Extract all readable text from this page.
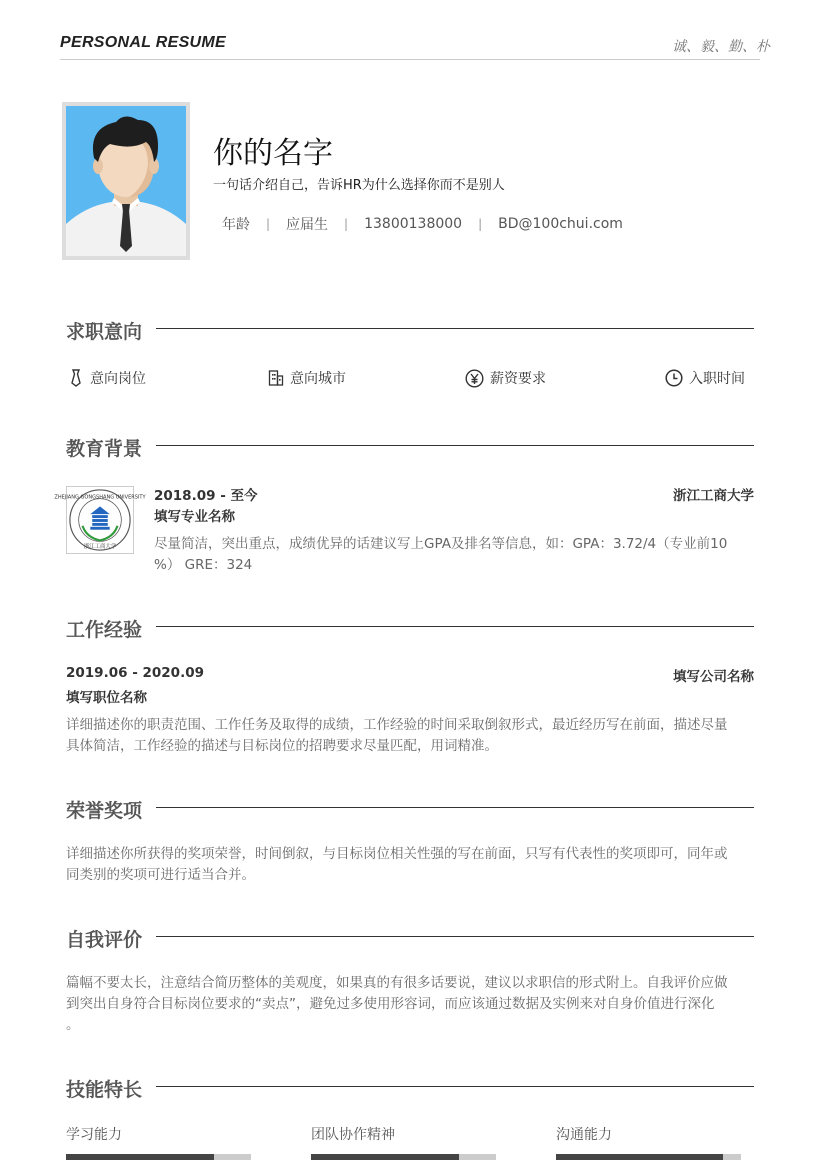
PERSONAL RESUME	诚、毅、勤、朴
你的名字
一句话介绍自己，告诉HR为什么选择你而不是别人
年龄 | 应届生 | 13800138000 | BD@100chui.com
求职意向
意向岗位	意向城市	薪资要求	入职时间
教育背景
ZHEJIANG GONGSHANG UNIVERSITY
浙江工商大学
2018.09 - 至今	浙江工商大学
填写专业名称
尽量简洁，突出重点，成绩优异的话建议写上GPA及排名等信息，如：GPA：3.72/4（专业前10
%） GRE：324
工作经验
2019.06 - 2020.09	填写公司名称
填写职位名称
详细描述你的职责范围、工作任务及取得的成绩，工作经验的时间采取倒叙形式，最近经历写在前面，描述尽量
具体简洁，工作经验的描述与目标岗位的招聘要求尽量匹配，用词精准。
荣誉奖项
详细描述你所获得的奖项荣誉，时间倒叙，与目标岗位相关性强的写在前面，只写有代表性的奖项即可，同年或
同类别的奖项可进行适当合并。
自我评价
篇幅不要太长，注意结合简历整体的美观度，如果真的有很多话要说，建议以求职信的形式附上。自我评价应做
到突出自身符合目标岗位要求的“卖点”，避免过多使用形容词，而应该通过数据及实例来对自身价值进行深化
。
技能特长
学习能力	团队协作精神	沟通能力
